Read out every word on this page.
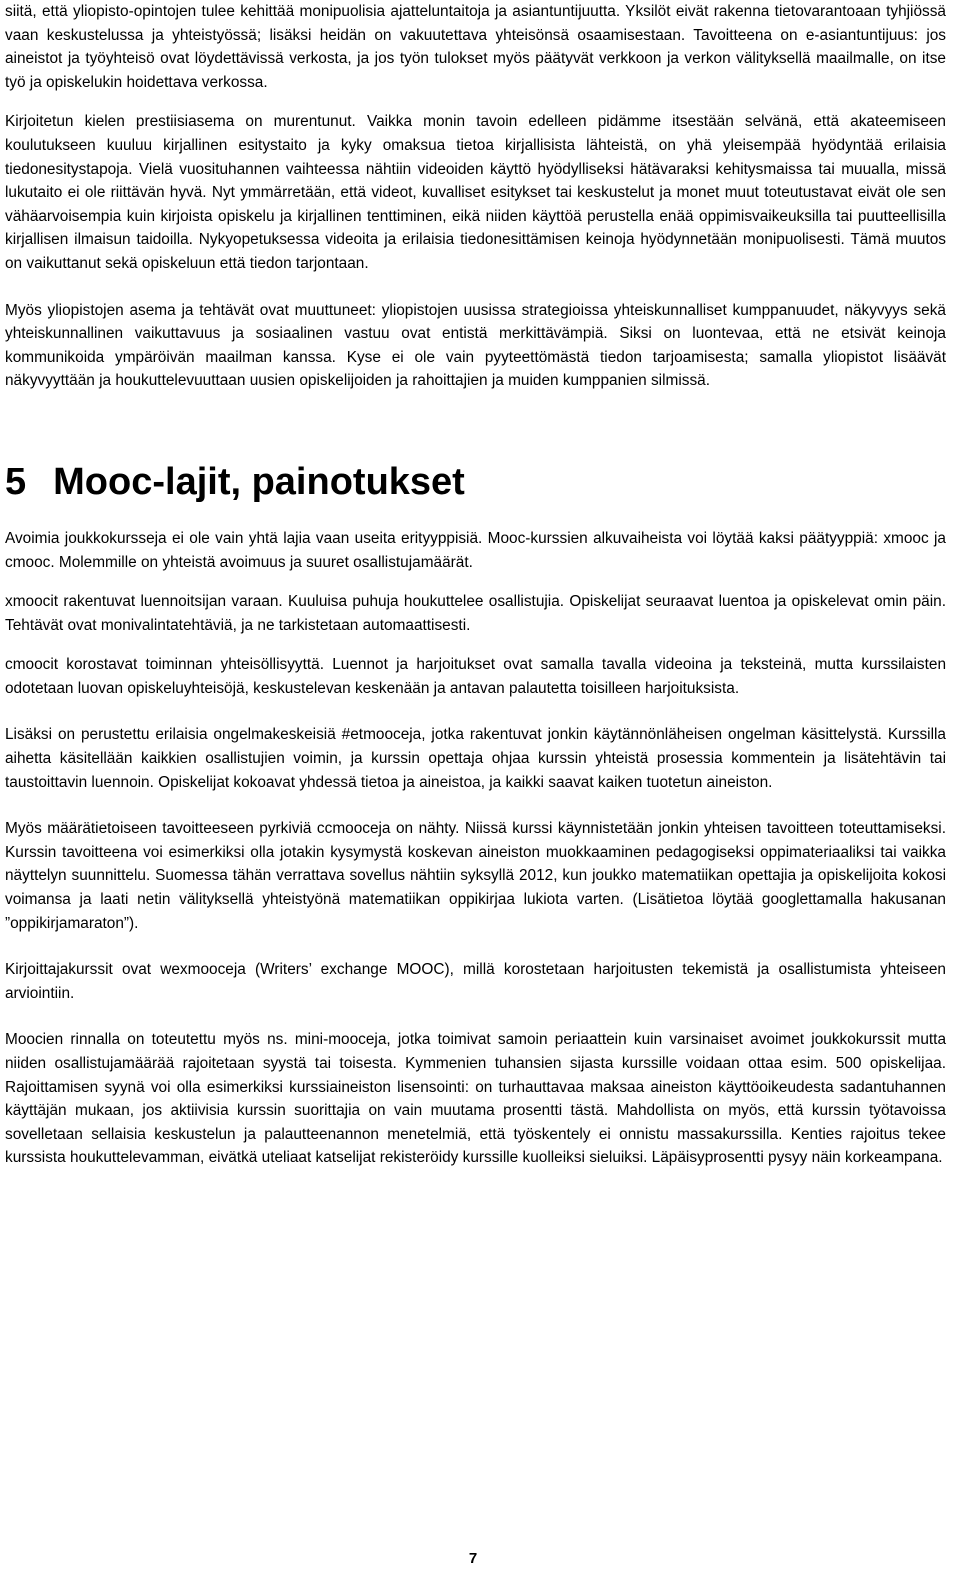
siitä, että yliopisto-opintojen tulee kehittää monipuolisia ajatteluntaitoja ja asiantuntijuutta. Yksilöt eivät rakenna tietovarantoaan tyhjiössä vaan keskustelussa ja yhteistyössä; lisäksi heidän on vakuutettava yhteisönsä osaamisestaan. Tavoitteena on e-asiantuntijuus: jos aineistot ja työyhteisö ovat löydettävissä verkosta, ja jos työn tulokset myös päätyvät verkkoon ja verkon välityksellä maailmalle, on itse työ ja opiskelukin hoidettava verkossa.

Kirjoitetun kielen prestiisiasema on murentunut. Vaikka monin tavoin edelleen pidämme itsestään selvänä, että akateemiseen koulutukseen kuuluu kirjallinen esitystaito ja kyky omaksua tietoa kirjallisista lähteistä, on yhä yleisempää hyödyntää erilaisia tiedonesitystapoja. Vielä vuosituhannen vaihteessa nähtiin videoiden käyttö hyödylliseksi hätävaraksi kehitysmaissa tai muualla, missä lukutaito ei ole riittävän hyvä. Nyt ymmärretään, että videot, kuvalliset esitykset tai keskustelut ja monet muut toteutustavat eivät ole sen vähäarvoisempia kuin kirjoista opiskelu ja kirjallinen tenttiminen, eikä niiden käyttöä perustella enää oppimisvaikeuksilla tai puutteellisilla kirjallisen ilmaisun taidoilla. Nykyopetuksessa videoita ja erilaisia tiedonesittämisen keinoja hyödynnetään monipuolisesti. Tämä muutos on vaikuttanut sekä opiskeluun että tiedon tarjontaan.

Myös yliopistojen asema ja tehtävät ovat muuttuneet: yliopistojen uusissa strategioissa yhteiskunnalliset kumppanuudet, näkyvyys sekä yhteiskunnallinen vaikuttavuus ja sosiaalinen vastuu ovat entistä merkittävämpiä. Siksi on luontevaa, että ne etsivät keinoja kommunikoida ympäröivän maailman kanssa. Kyse ei ole vain pyyteettömästä tiedon tarjoamisesta; samalla yliopistot lisäävät näkyvyyttään ja houkuttelevuuttaan uusien opiskelijoiden ja rahoittajien ja muiden kumppanien silmissä.

5 Mooc-lajit, painotukset

Avoimia joukkokursseja ei ole vain yhtä lajia vaan useita erityyppisiä. Mooc-kurssien alkuvaiheista voi löytää kaksi päätyyppiä: xmooc ja cmooc. Molemmille on yhteistä avoimuus ja suuret osallistujamäärät.

xmoocit rakentuvat luennoitsijan varaan. Kuuluisa puhuja houkuttelee osallistujia. Opiskelijat seuraavat luentoa ja opiskelevat omin päin. Tehtävät ovat monivalintatehtäviä, ja ne tarkistetaan automaattisesti.

cmoocit korostavat toiminnan yhteisöllisyyttä. Luennot ja harjoitukset ovat samalla tavalla videoina ja teksteinä, mutta kurssilaisten odotetaan luovan opiskeluyhteisöjä, keskustelevan keskenään ja antavan palautetta toisilleen harjoituksista.

Lisäksi on perustettu erilaisia ongelmakeskeisiä #etmooceja, jotka rakentuvat jonkin käytännönläheisen ongelman käsittelystä. Kurssilla aihetta käsitellään kaikkien osallistujien voimin, ja kurssin opettaja ohjaa kurssin yhteistä prosessia kommentein ja lisätehtävin tai taustoittavin luennoin. Opiskelijat kokoavat yhdessä tietoa ja aineistoa, ja kaikki saavat kaiken tuotetun aineiston.

Myös määrätietoiseen tavoitteeseen pyrkiviä ccmooceja on nähty. Niissä kurssi käynnistetään jonkin yhteisen tavoitteen toteuttamiseksi. Kurssin tavoitteena voi esimerkiksi olla jotakin kysymystä koskevan aineiston muokkaaminen pedagogiseksi oppimateriaaliksi tai vaikka näyttelyn suunnittelu. Suomessa tähän verrattava sovellus nähtiin syksyllä 2012, kun joukko matematiikan opettajia ja opiskelijoita kokosi voimansa ja laati netin välityksellä yhteistyönä matematiikan oppikirjaa lukiota varten. (Lisätietoa löytää googlettamalla hakusanan ”oppikirjamaraton”).

Kirjoittajakurssit ovat wexmooceja (Writers’ exchange MOOC), millä korostetaan harjoitusten tekemistä ja osallistumista yhteiseen arviointiin.

Moocien rinnalla on toteutettu myös ns. mini-mooceja, jotka toimivat samoin periaattein kuin varsinaiset avoimet joukkokurssit mutta niiden osallistujamäärää rajoitetaan syystä tai toisesta. Kymmenien tuhansien sijasta kurssille voidaan ottaa esim. 500 opiskelijaa. Rajoittamisen syynä voi olla esimerkiksi kurssiaineiston lisensointi: on turhauttavaa maksaa aineiston käyttöoikeudesta sadantuhannen käyttäjän mukaan, jos aktiivisia kurssin suorittajia on vain muutama prosentti tästä. Mahdollista on myös, että kurssin työtavoissa sovelletaan sellaisia keskustelun ja palautteenannon menetelmiä, että työskentely ei onnistu massakurssilla. Kenties rajoitus tekee kurssista houkuttelevamman, eivätkä uteliaat katselijat rekisteröidy kurssille kuolleiksi sieluiksi. Läpäisyprosentti pysyy näin korkeampana.

7
